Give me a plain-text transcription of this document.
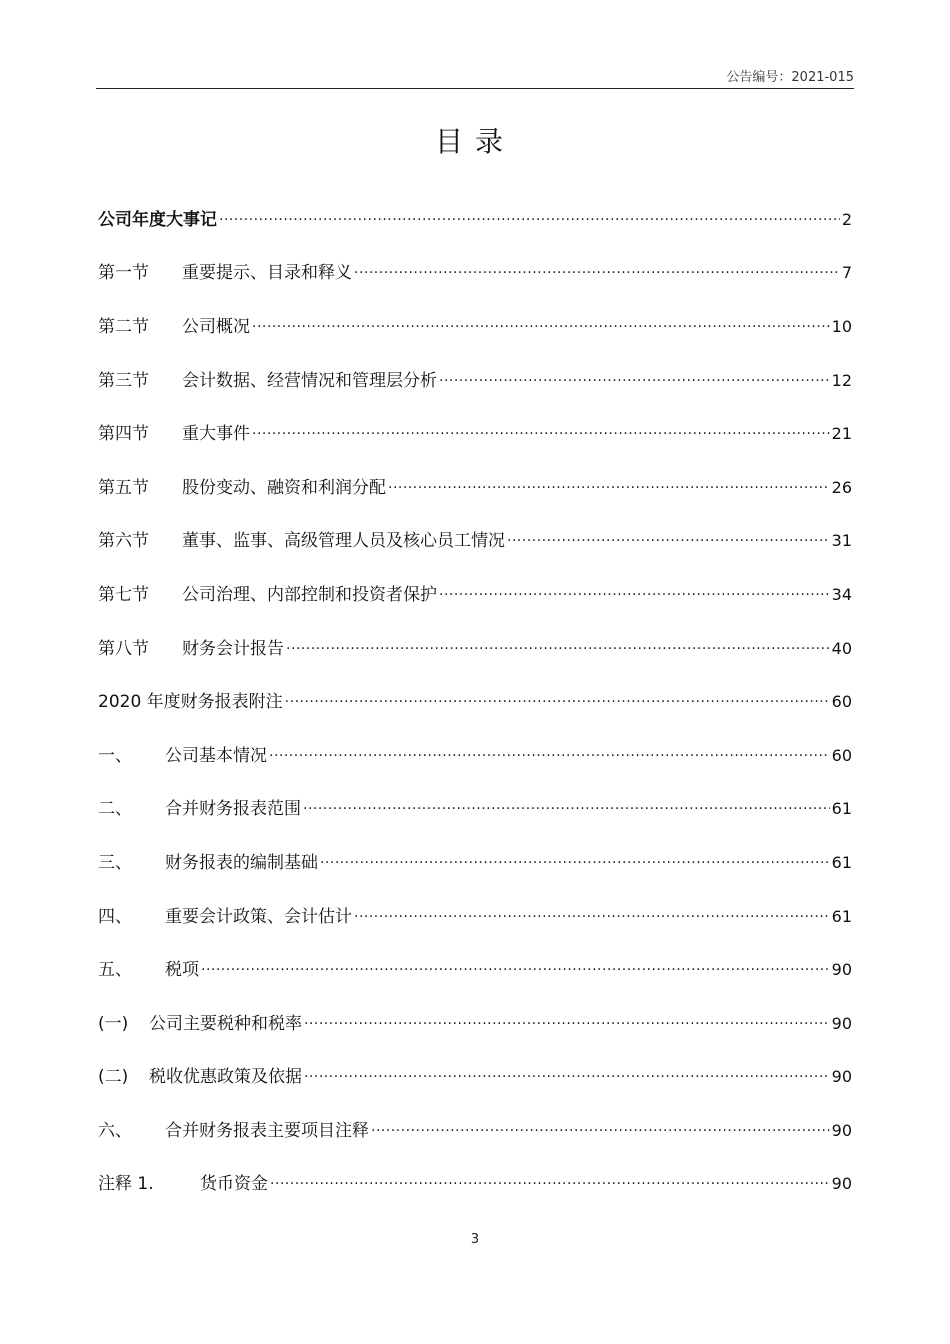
公告编号：2021-015
目录
公司年度大事记 .....	2
第一节	重要提示、目录和释义 .....	7
第二节	公司概况 .....	10
第三节	会计数据、经营情况和管理层分析 .....	12
第四节	重大事件 .....	21
第五节	股份变动、融资和利润分配 .....	26
第六节	董事、监事、高级管理人员及核心员工情况 .....	31
第七节	公司治理、内部控制和投资者保护 .....	34
第八节	财务会计报告 .....	40
2020 年度财务报表附注 .....	60
一、	公司基本情况 .....	60
二、	合并财务报表范围 .....	61
三、	财务报表的编制基础 .....	61
四、	重要会计政策、会计估计 .....	61
五、	税项 .....	90
(一)	公司主要税种和税率 .....	90
(二)	税收优惠政策及依据 .....	90
六、	合并财务报表主要项目注释 .....	90
注释 1.	货币资金 .....	90
3
